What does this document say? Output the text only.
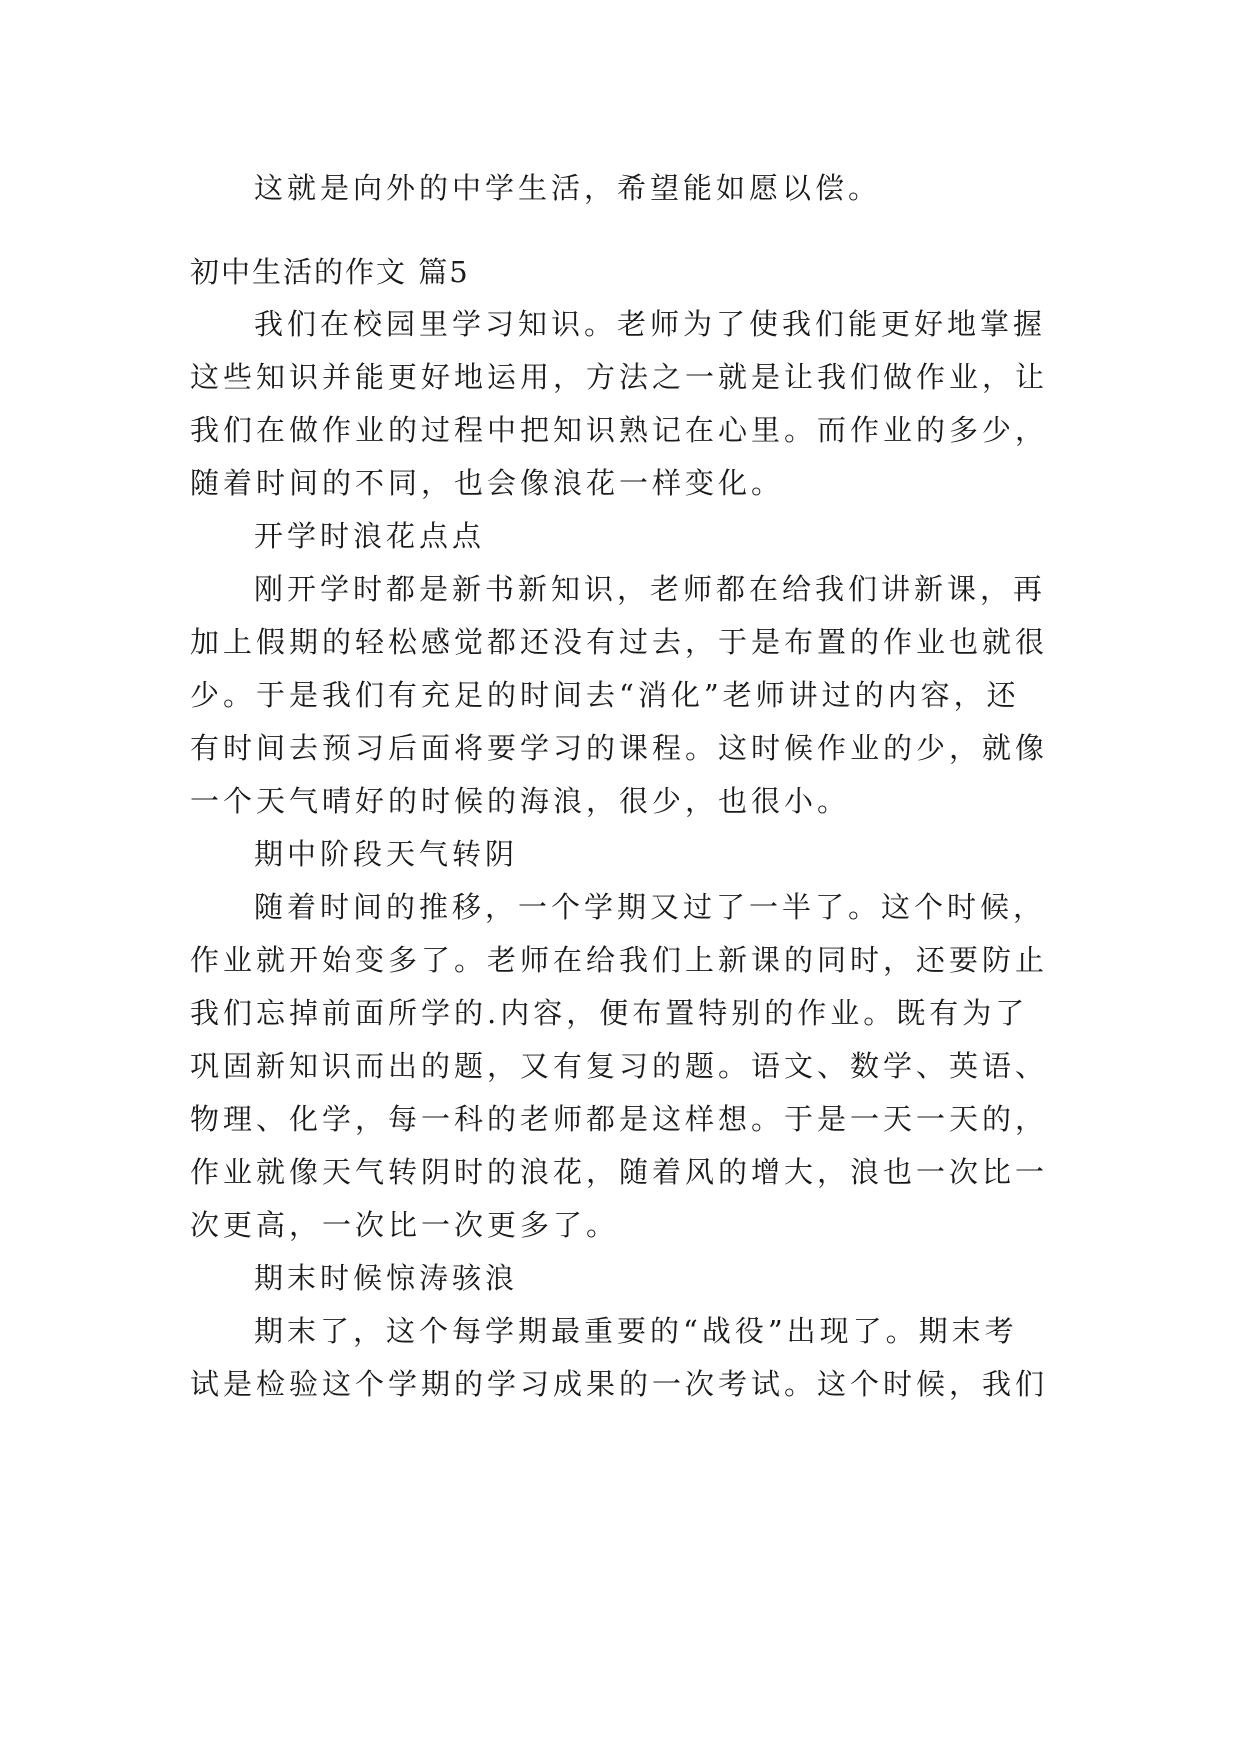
这就是向外的中学生活，希望能如愿以偿。
初中生活的作文 篇5
我们在校园里学习知识。老师为了使我们能更好地掌握
这些知识并能更好地运用，方法之一就是让我们做作业，让
我们在做作业的过程中把知识熟记在心里。而作业的多少，
随着时间的不同，也会像浪花一样变化。
开学时浪花点点
刚开学时都是新书新知识，老师都在给我们讲新课，再
加上假期的轻松感觉都还没有过去，于是布置的作业也就很
少。于是我们有充足的时间去“消化”老师讲过的内容，还
有时间去预习后面将要学习的课程。这时候作业的少，就像
一个天气晴好的时候的海浪，很少，也很小。
期中阶段天气转阴
随着时间的推移，一个学期又过了一半了。这个时候，
作业就开始变多了。老师在给我们上新课的同时，还要防止
我们忘掉前面所学的.内容，便布置特别的作业。既有为了
巩固新知识而出的题，又有复习的题。语文、数学、英语、
物理、化学，每一科的老师都是这样想。于是一天一天的，
作业就像天气转阴时的浪花，随着风的增大，浪也一次比一
次更高，一次比一次更多了。
期末时候惊涛骇浪
期末了，这个每学期最重要的“战役”出现了。期末考
试是检验这个学期的学习成果的一次考试。这个时候，我们
